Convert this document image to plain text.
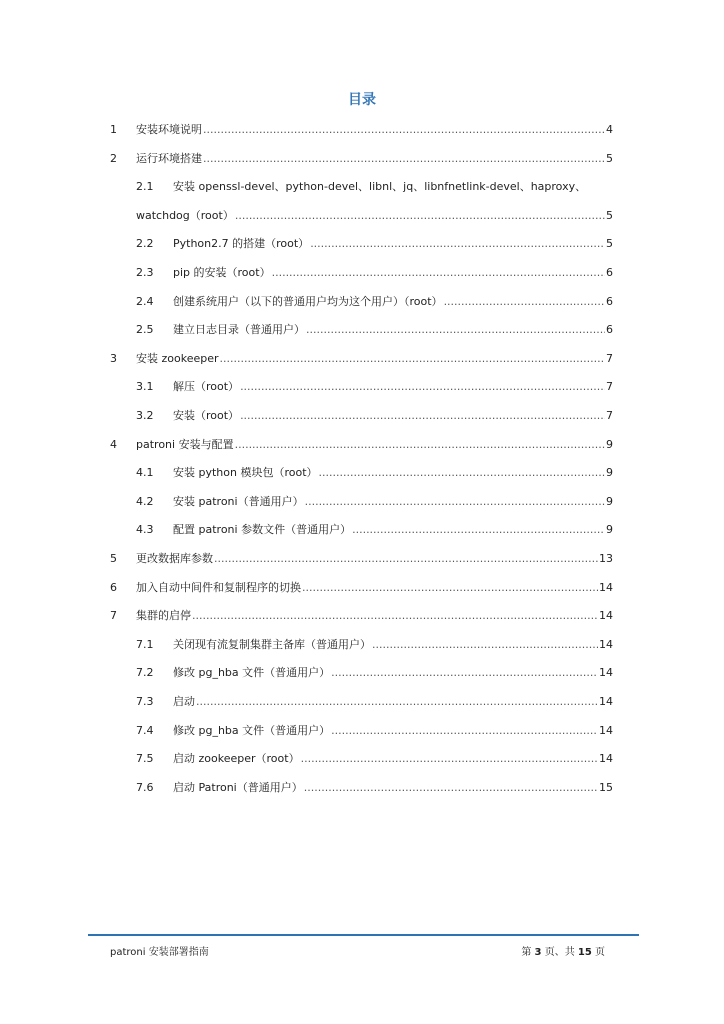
目录
1 安装环境说明 .....	4
2 运行环境搭建 .....	5
2.1 安装 openssl-devel、python-devel、libnl、jq、libnfnetlink-devel、haproxy、
watchdog（root） .....	5
2.2 Python2.7 的搭建（root） .....	5
2.3 pip 的安装（root） .....	6
2.4 创建系统用户（以下的普通用户均为这个用户）（root） .....	6
2.5 建立日志目录（普通用户） .....	6
3 安装 zookeeper .....	7
3.1 解压（root） .....	7
3.2 安装（root） .....	7
4 patroni 安装与配置 .....	9
4.1 安装 python 模块包（root） .....	9
4.2 安装 patroni（普通用户） .....	9
4.3 配置 patroni 参数文件（普通用户） .....	9
5 更改数据库参数 .....	13
6 加入自动中间件和复制程序的切换 .....	14
7 集群的启停 .....	14
7.1 关闭现有流复制集群主备库（普通用户） .....	14
7.2 修改 pg_hba 文件（普通用户） .....	14
7.3 启动 .....	14
7.4 修改 pg_hba 文件（普通用户） .....	14
7.5 启动 zookeeper（root） .....	14
7.6 启动 Patroni（普通用户） .....	15
patroni 安装部署指南	第 3 页、共 15 页
